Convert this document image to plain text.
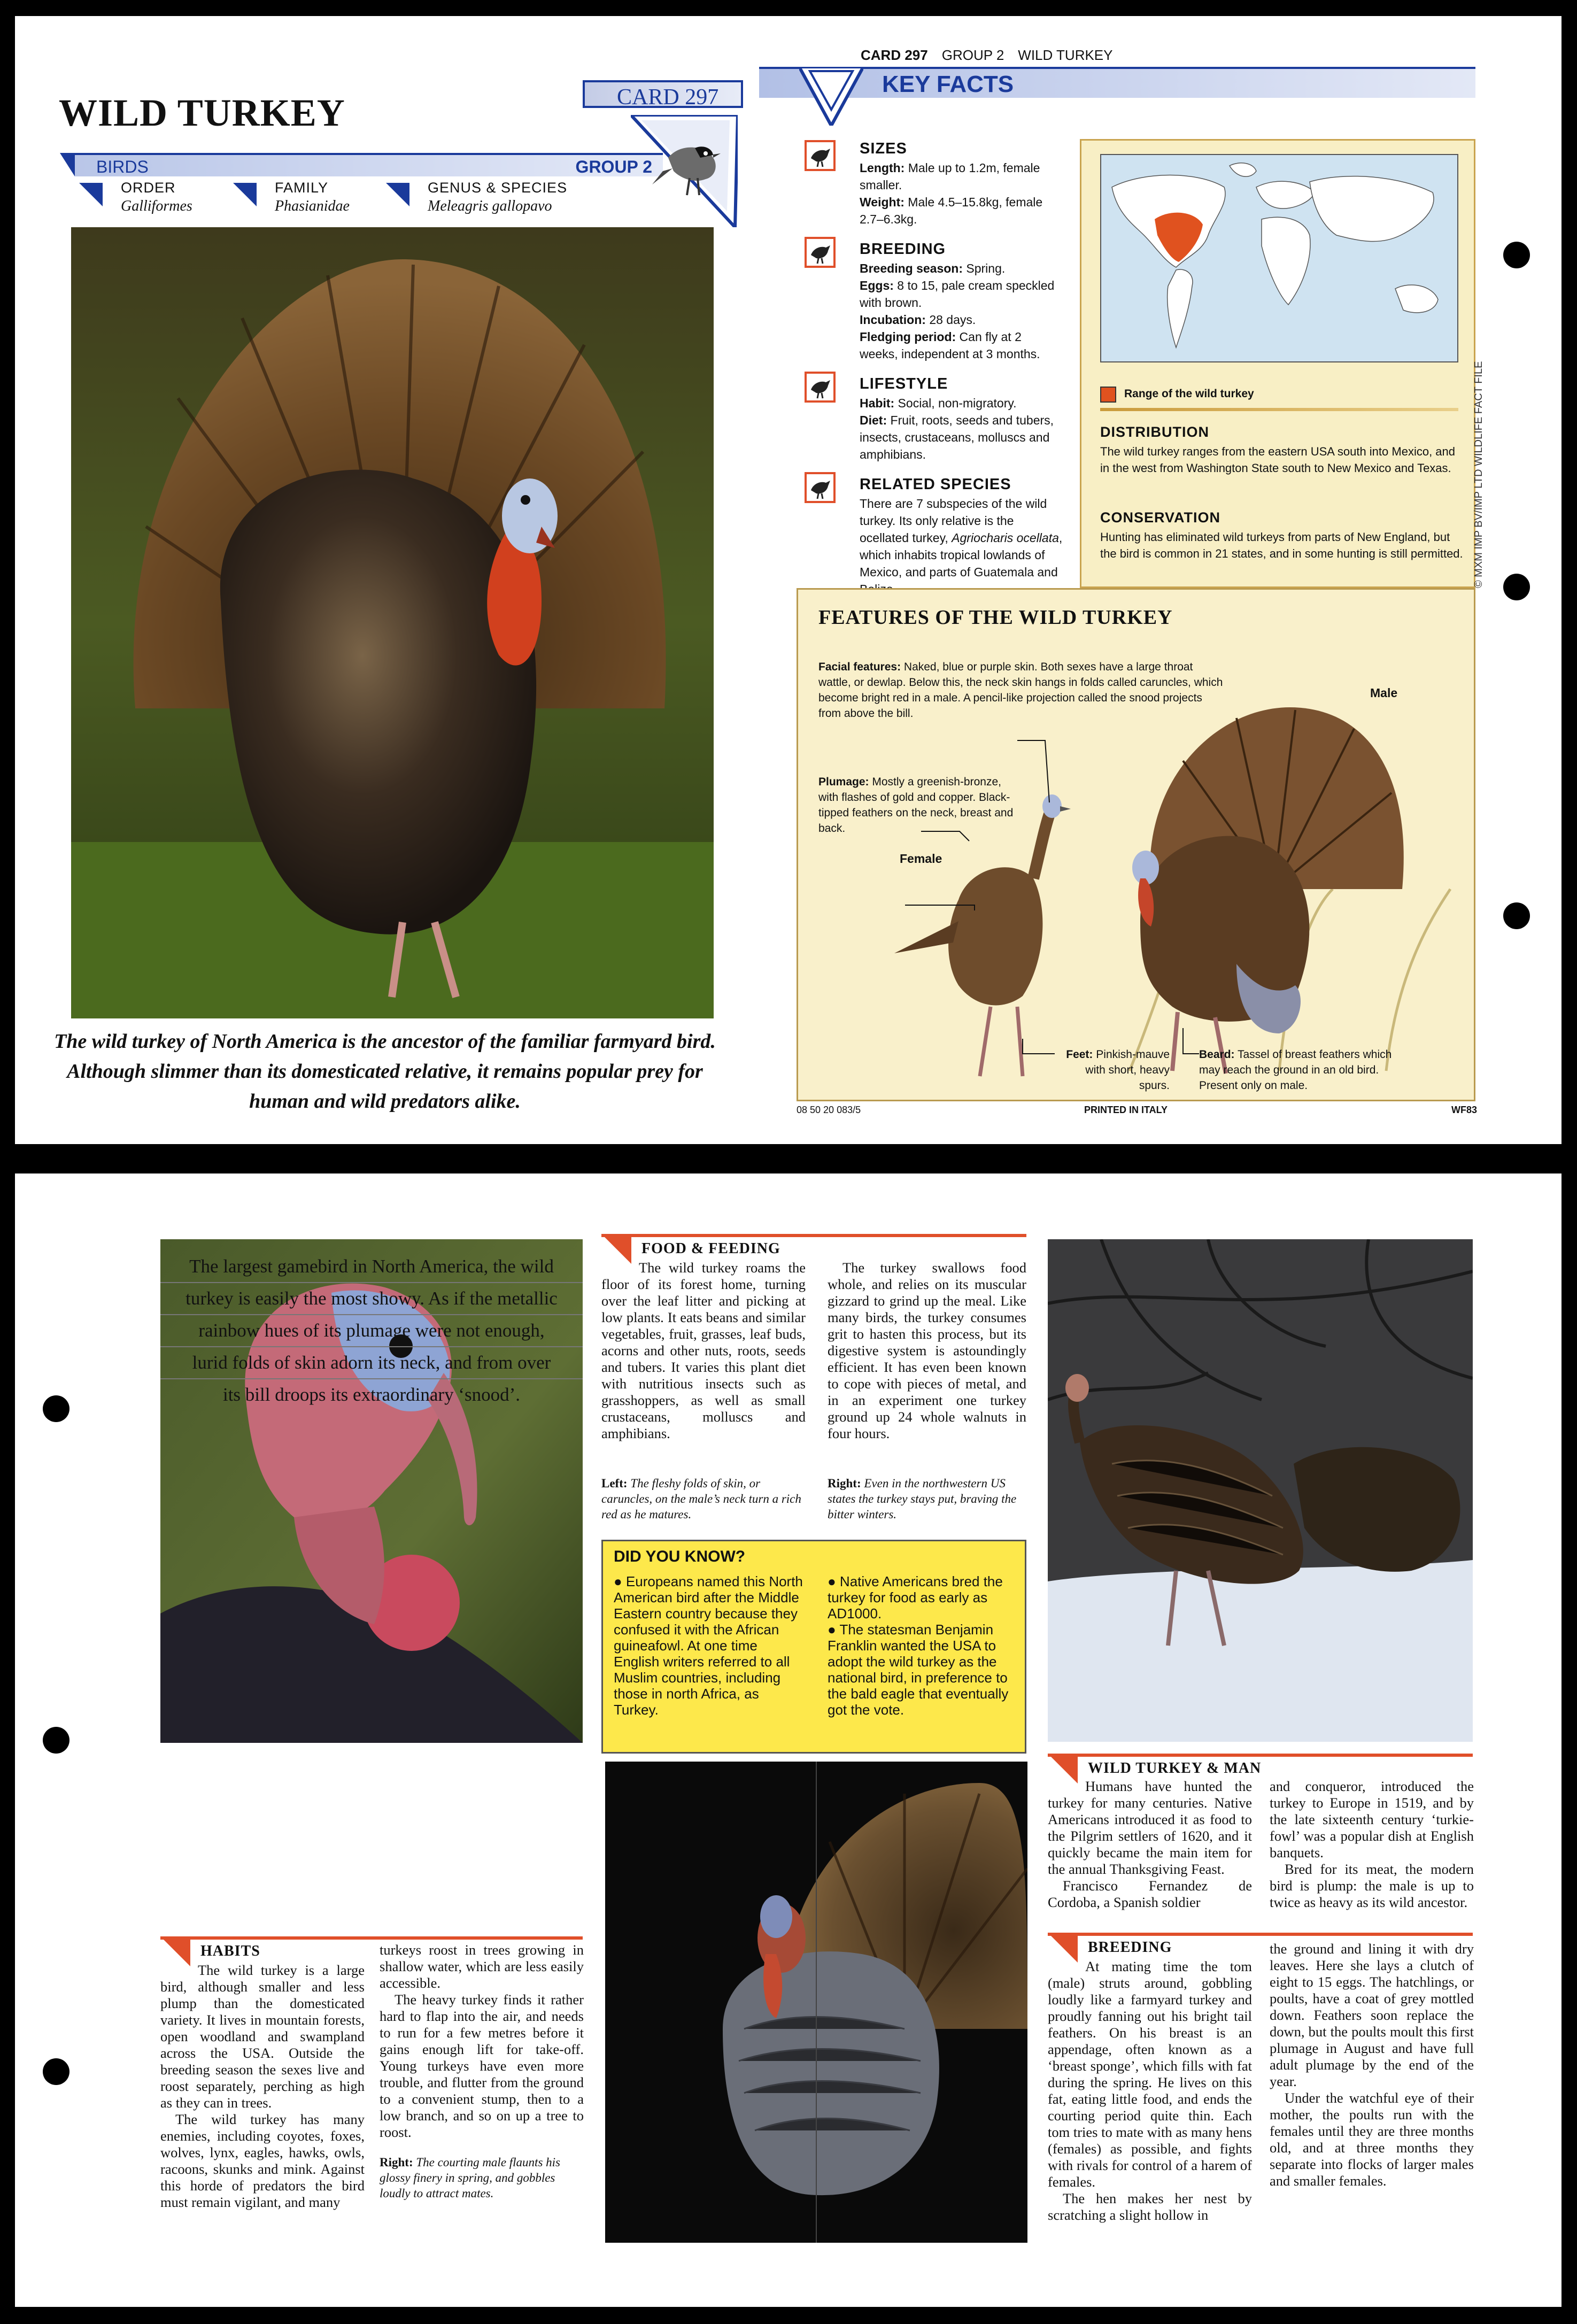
WILD TURKEY
BIRDS	GROUP 2
CARD 297
ORDER
Galliformes
FAMILY
Phasianidae
GENUS & SPECIES
Meleagris gallopavo
The wild turkey of North America is the ancestor of the familiar farmyard bird. Although slimmer than its domesticated relative, it remains popular prey for human and wild predators alike.
CARD 297 GROUP 2 WILD TURKEY
KEY FACTS
SIZES
Length: Male up to 1.2m, female smaller.
Weight: Male 4.5–15.8kg, female 2.7–6.3kg.
BREEDING
Breeding season: Spring.
Eggs: 8 to 15, pale cream speckled with brown.
Incubation: 28 days.
Fledging period: Can fly at 2 weeks, independent at 3 months.
LIFESTYLE
Habit: Social, non-migratory.
Diet: Fruit, roots, seeds and tubers, insects, crustaceans, molluscs and amphibians.
RELATED SPECIES
There are 7 subspecies of the wild turkey. Its only relative is the ocellated turkey, Agriocharis ocellata, which inhabits tropical lowlands of Mexico, and parts of Guatemala and
Range of the wild turkey
DISTRIBUTION
The wild turkey ranges from the eastern USA south into Mexico, and in the west from Washington State south to New Mexico and Texas.
CONSERVATION
Hunting has eliminated wild turkeys from parts of New England, but the bird is common in 21 states, and in some hunting is still permitted. © MXM IMP BV/IMP LTD WILDLIFE FACT FILE
FEATURES OF THE WILD TURKEY
Facial features: Naked, blue or purple skin. Both sexes have a large throat wattle, or dewlap. Below this, the neck skin hangs in folds called caruncles, which become bright red in a male. A pencil-like projection called the snood projects from above the bill.
Plumage: Mostly a greenish-bronze, with flashes of gold and copper. Black-tipped feathers on the neck, breast and back.
Male
Female
Feet: Pinkish-mauve with short, heavy spurs.
Beard: Tassel of breast feathers which may reach the ground in an old bird. Present only on male.
08 50 20 083/5	PRINTED IN ITALY	WF83
The largest gamebird in North America, the wild
turkey is easily the most showy. As if the metallic
rainbow hues of its plumage were not enough,
lurid folds of skin adorn its neck, and from over
its bill droops its extraordinary ‘snood’.
HABITS

The wild turkey is a large bird, although smaller and less plump than the domesticated variety. It lives in mountain forests, open woodland and swampland across the USA. Outside the breeding season the sexes live and roost separately, perching as high as they can in trees.

The wild turkey has many enemies, including coyotes, foxes, wolves, lynx, eagles, hawks, owls, racoons, skunks and mink. Against this horde of predators the bird must remain vigilant, and many

turkeys roost in trees growing in shallow water, which are less easily accessible.

The heavy turkey finds it rather hard to flap into the air, and needs to run for a few metres before it gains enough lift for take-off. Young turkeys have even more trouble, and flutter from the ground to a convenient stump, then to a low branch, and so on up a tree to roost.

Right: The courting male flaunts his glossy finery in spring, and gobbles loudly to attract mates.
FOOD & FEEDING

The wild turkey roams the floor of its forest home, turning over the leaf litter and picking at low plants. It eats beans and similar vegetables, fruit, grasses, leaf buds, acorns and other nuts, roots, seeds and tubers. It varies this plant diet with nutritious insects such as grasshoppers, as well as small crustaceans, molluscs and amphibians.

The turkey swallows food whole, and relies on its muscular gizzard to grind up the meal. Like many birds, the turkey consumes grit to hasten this process, but its digestive system is astoundingly efficient. It has even been known to cope with pieces of metal, and in an experiment one turkey ground up 24 whole walnuts in four hours.

Left: The fleshy folds of skin, or caruncles, on the male’s neck turn a rich red as he matures.
Right: Even in the northwestern US states the turkey stays put, braving the bitter winters.
DID YOU KNOW?

● Europeans named this North American bird after the Middle Eastern country because they confused it with the African guineafowl. At one time English writers referred to all Muslim countries, including those in north Africa, as Turkey.

● Native Americans bred the turkey for food as early as AD1000.

● The statesman Benjamin Franklin wanted the USA to adopt the wild turkey as the national bird, in preference to the bald eagle that eventually got the vote.

WILD TURKEY & MAN

Humans have hunted the turkey for many centuries. Native Americans introduced it as food to the Pilgrim settlers of 1620, and it quickly became the main item for the annual Thanksgiving Feast.

Francisco Fernandez de Cordoba, a Spanish soldier

and conqueror, introduced the turkey to Europe in 1519, and by the late sixteenth century ‘turkie-fowl’ was a popular dish at English banquets.

Bred for its meat, the modern bird is plump: the male is up to twice as heavy as its wild ancestor.

BREEDING

At mating time the tom (male) struts around, gobbling loudly like a farmyard turkey and proudly fanning out his bright tail feathers. On his breast is an appendage, often known as a ‘breast sponge’, which fills with fat during the spring. He lives on this fat, eating little food, and ends the courting period quite thin. Each tom tries to mate with as many hens (females) as possible, and fights with rivals for control of a harem of females.

The hen makes her nest by scratching a slight hollow in

the ground and lining it with dry leaves. Here she lays a clutch of eight to 15 eggs. The hatchlings, or poults, have a coat of grey mottled down. Feathers soon replace the down, but the poults moult this first plumage in August and have full adult plumage by the end of the year.

Under the watchful eye of their mother, the poults run with the females until they are three months old, and at three months they separate into flocks of larger males and smaller females.
